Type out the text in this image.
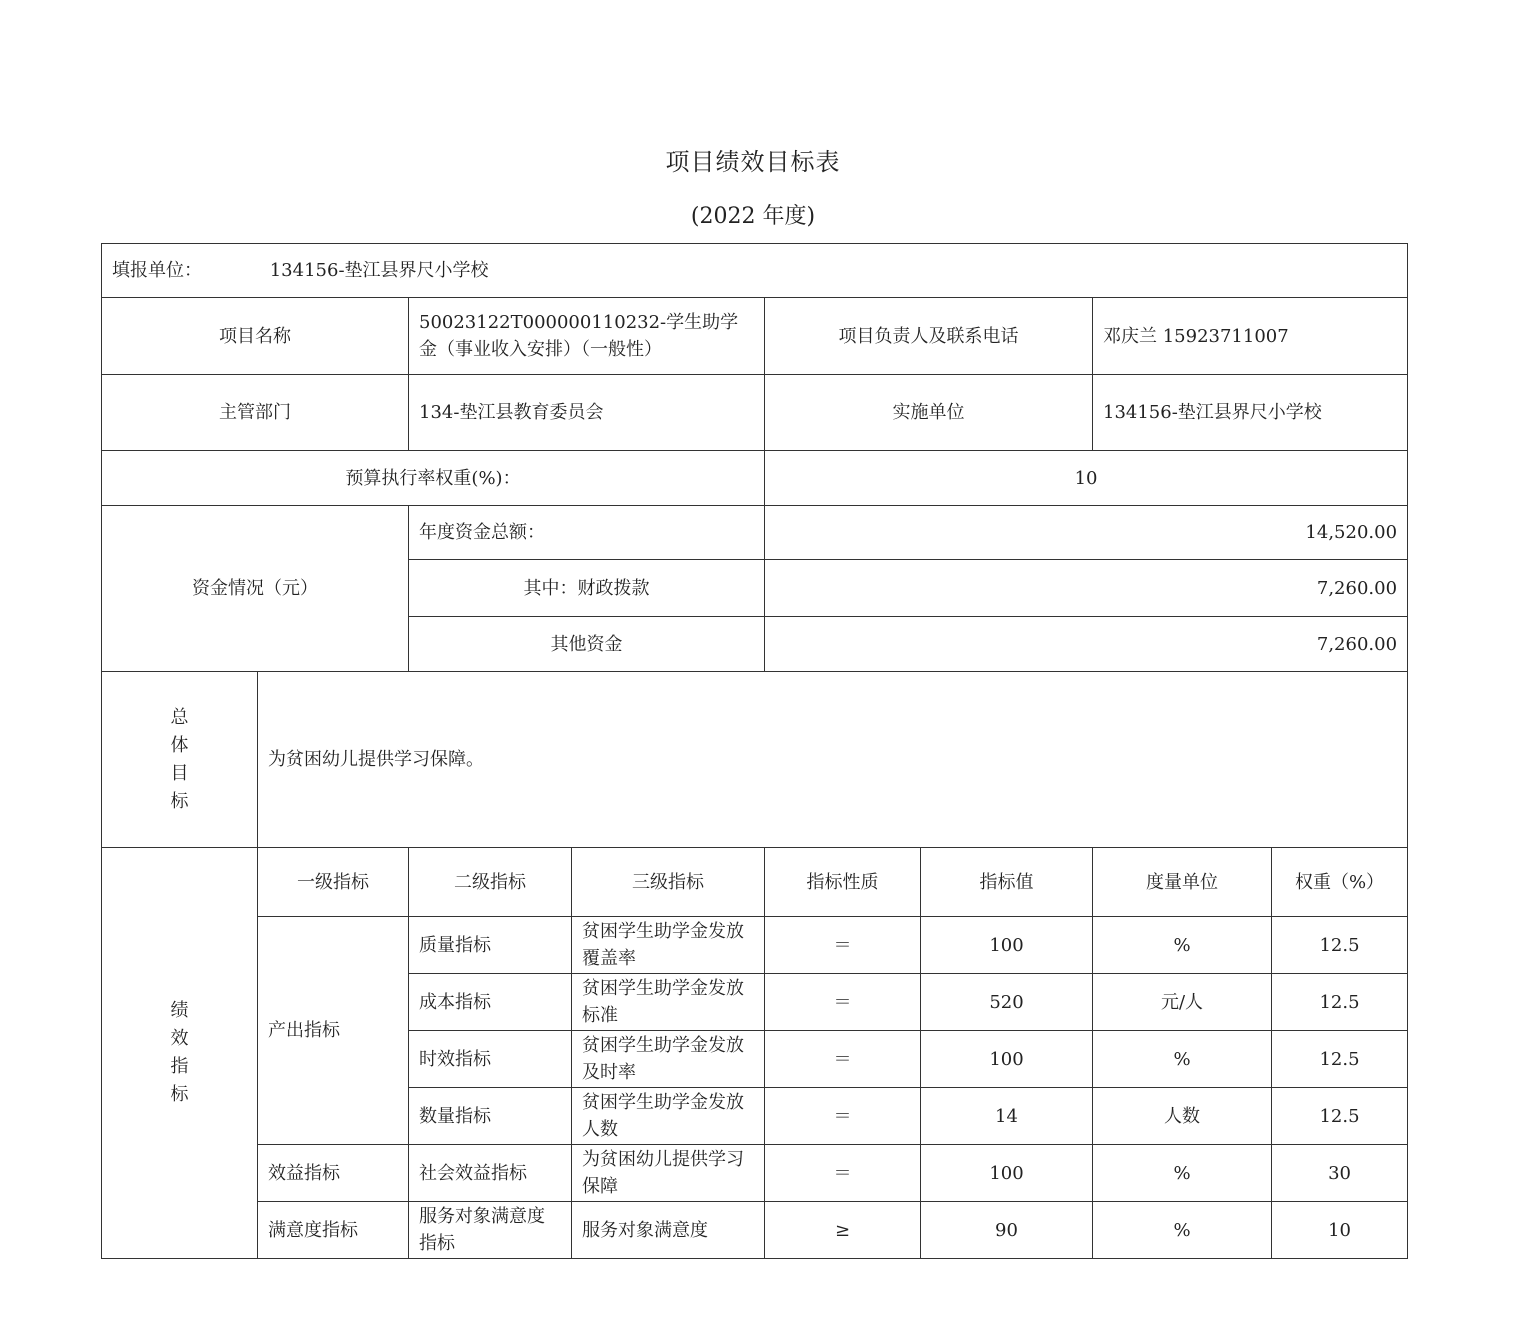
项目绩效目标表
(2022 年度)
填报单位： 134156-垫江县界尺小学校							
项目名称		50023122T000000110232-学生助学金（事业收入安排）（一般性）		项目负责人及联系电话		邓庆兰 15923711007	
主管部门		134-垫江县教育委员会		实施单位		134156-垫江县界尺小学校	
预算执行率权重(%)：				10			
资金情况（元）		年度资金总额：		14,520.00			
		其中：财政拨款		7,260.00			
		其他资金		7,260.00			
总体目标	为贫困幼儿提供学习保障。						
绩效指标	一级指标	二级指标	三级指标	指标性质	指标值	度量单位	权重（%）
	产出指标	质量指标	贫困学生助学金发放覆盖率	＝	100	%	12.5
		成本指标	贫困学生助学金发放标准	＝	520	元/人	12.5
		时效指标	贫困学生助学金发放及时率	＝	100	%	12.5
		数量指标	贫困学生助学金发放人数	＝	14	人数	12.5
	效益指标	社会效益指标	为贫困幼儿提供学习保障	＝	100	%	30
	满意度指标	服务对象满意度指标	服务对象满意度	≥	90	%	10
